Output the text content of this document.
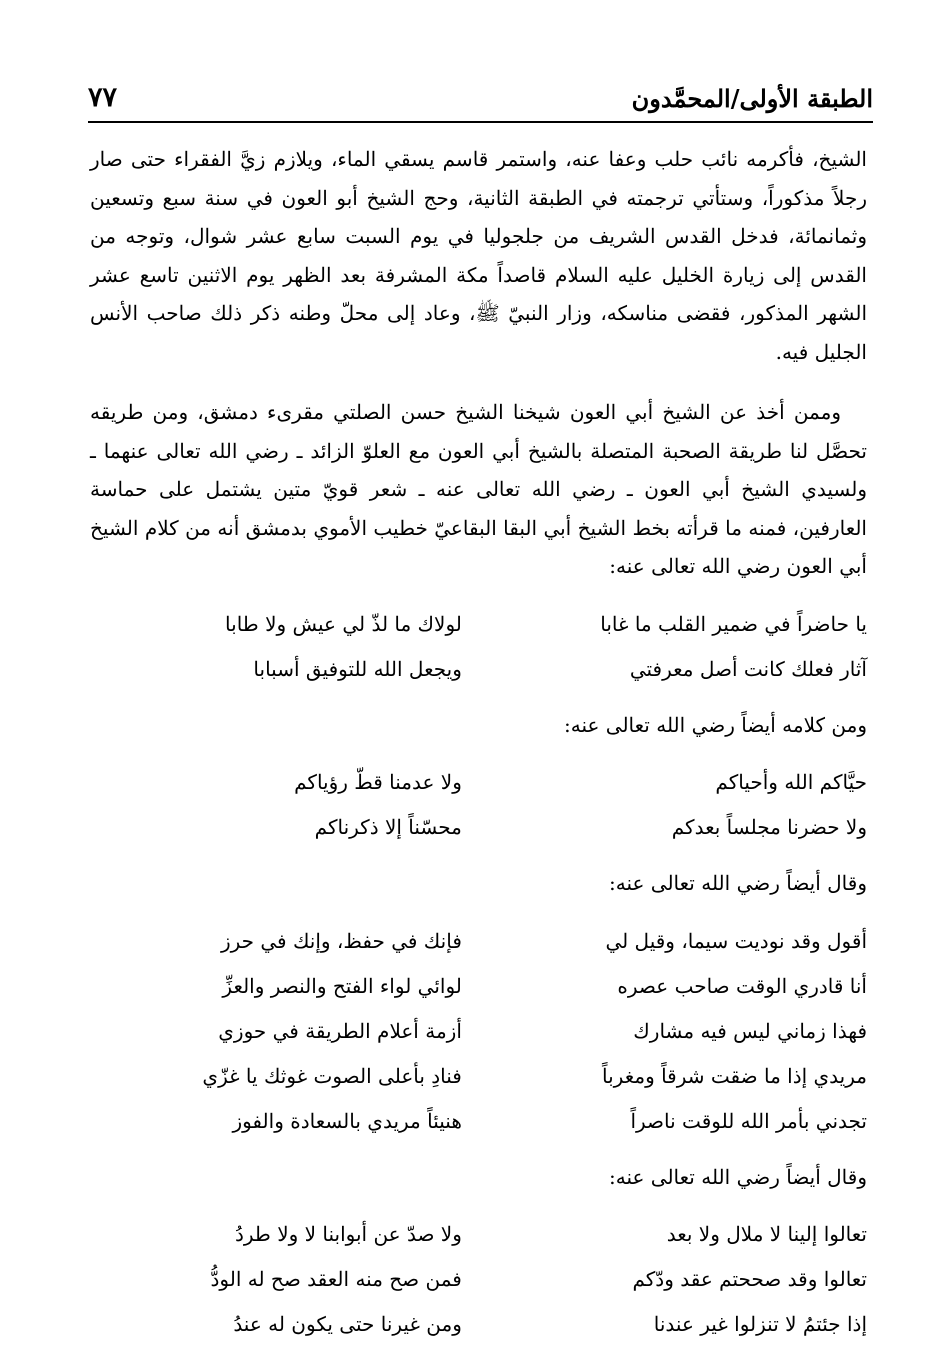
٧٧	الطبقة الأولى/المحمَّدون

الشيخ، فأكرمه نائب حلب وعفا عنه، واستمر قاسم يسقي الماء، ويلازم زيَّ الفقراء حتى صار رجلاً مذكوراً، وستأتي ترجمته في الطبقة الثانية، وحج الشيخ أبو العون في سنة سبع وتسعين وثمانمائة، فدخل القدس الشريف من جلجوليا في يوم السبت سابع عشر شوال، وتوجه من القدس إلى زيارة الخليل عليه السلام قاصداً مكة المشرفة بعد الظهر يوم الاثنين تاسع عشر الشهر المذكور، فقضى مناسكه، وزار النبيّ ﷺ، وعاد إلى محلّ وطنه ذكر ذلك صاحب الأنس الجليل فيه.

وممن أخذ عن الشيخ أبي العون شيخنا الشيخ حسن الصلتي مقرىء دمشق، ومن طريقه تحصَّل لنا طريقة الصحبة المتصلة بالشيخ أبي العون مع العلوّ الزائد ـ رضي الله تعالى عنهما ـ ولسيدي الشيخ أبي العون ـ رضي الله تعالى عنه ـ شعر قويّ متين يشتمل على حماسة العارفين، فمنه ما قرأته بخط الشيخ أبي البقا البقاعيّ خطيب الأموي بدمشق أنه من كلام الشيخ أبي العون رضي الله تعالى عنه:

يا حاضراً في ضمير القلب ما غابا
لولاك ما لذّ لي عيش ولا طابا
آثار فعلك كانت أصل معرفتي
ويجعل الله للتوفيق أسبابا

ومن كلامه أيضاً رضي الله تعالى عنه:

حيَّاكم الله وأحياكم
ولا عدمنا قطّ رؤياكم
ولا حضرنا مجلساً بعدكم
محسّناً إلا ذكرناكم

وقال أيضاً رضي الله تعالى عنه:

أقول وقد نوديت سيما، وقيل لي
فإنك في حفظ، وإنك في حرز
أنا قادري الوقت صاحب عصره
لوائي لواء الفتح والنصر والعزِّ
فهذا زماني ليس فيه مشارك
أزمة أعلام الطريقة في حوزي
مريدي إذا ما ضقت شرقاً ومغرباً
فنادِ بأعلى الصوت غوثك يا غزّي
تجدني بأمر الله للوقت ناصراً
هنيئاً مريدي بالسعادة والفوز

وقال أيضاً رضي الله تعالى عنه:

تعالوا إلينا لا ملال ولا بعد
ولا صدّ عن أبوابنا لا ولا طردُ
تعالوا وقد صححتم عقد ودّكم
فمن صح منه العقد صح له الودُّ
إذا جئتمُ لا تنزلوا غير عندنا
ومن غيرنا حتى يكون له عندُ
